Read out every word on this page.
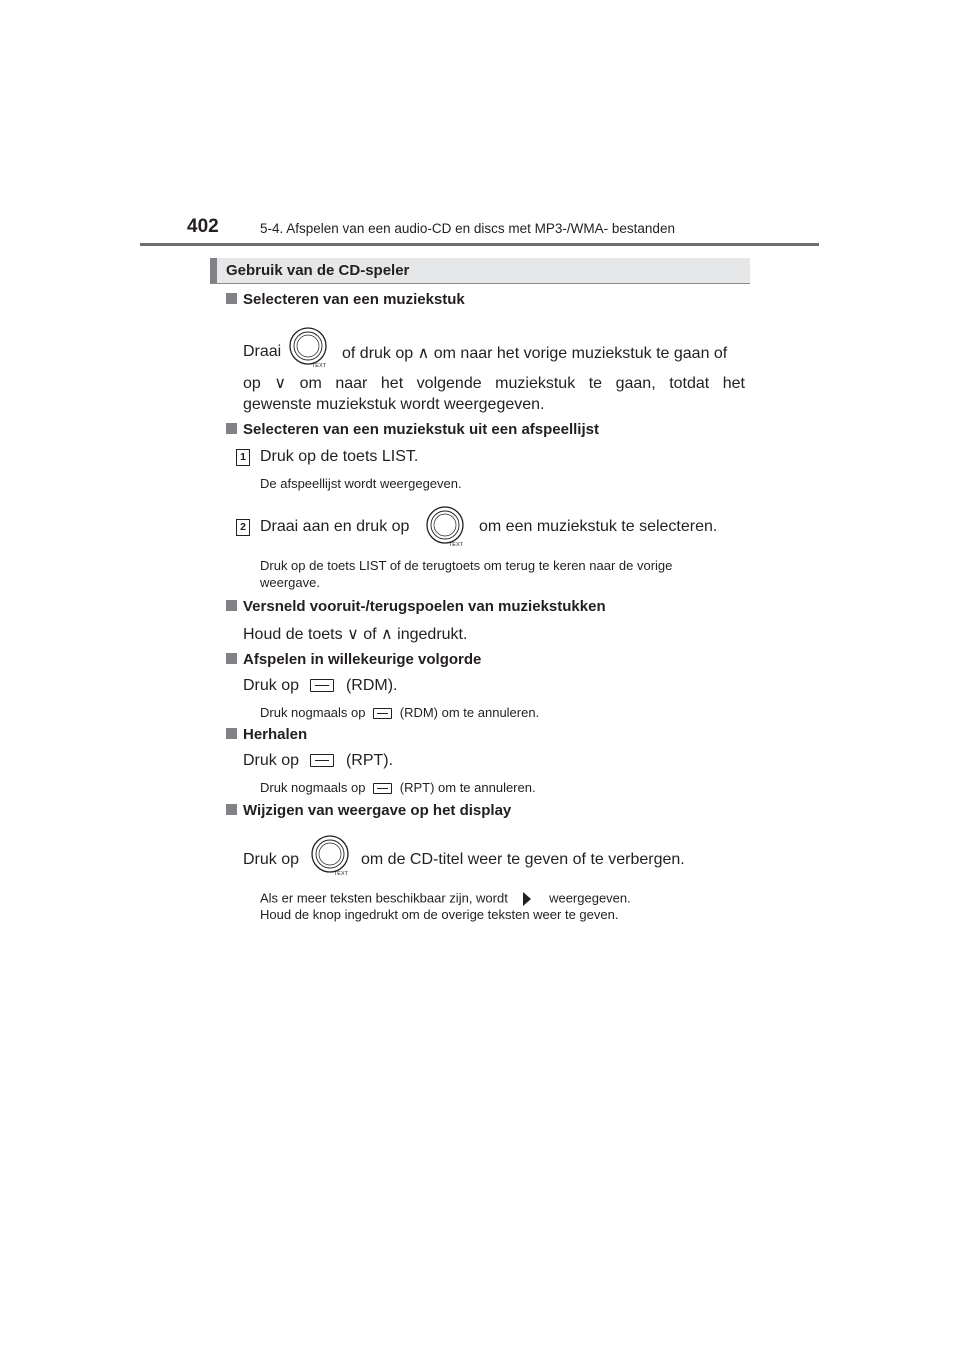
402	5-4. Afspelen van een audio-CD en discs met MP3-/WMA- bestanden
Gebruik van de CD-speler
Selecteren van een muziekstuk
Draai
TEXT
of druk op ∧ om naar het vorige muziekstuk te gaan of
op ∨ om naar het volgende muziekstuk te gaan, totdat het
gewenste muziekstuk wordt weergegeven.
Selecteren van een muziekstuk uit een afspeellijst
1 Druk op de toets LIST.
De afspeellijst wordt weergegeven.
2 Draai aan en druk op
TEXT
om een muziekstuk te selecteren.
Druk op de toets LIST of de terugtoets om terug te keren naar de vorige
weergave.
Versneld vooruit-/terugspoelen van muziekstukken
Houd de toets ∨ of ∧ ingedrukt.
Afspelen in willekeurige volgorde
Druk op	(RDM).
Druk nogmaals op	(RDM) om te annuleren.
Herhalen
Druk op	(RPT).
Druk nogmaals op	(RPT) om te annuleren.
Wijzigen van weergave op het display
Druk op
TEXT
om de CD-titel weer te geven of te verbergen.
Als er meer teksten beschikbaar zijn, wordt	weergegeven.
Houd de knop ingedrukt om de overige teksten weer te geven.
